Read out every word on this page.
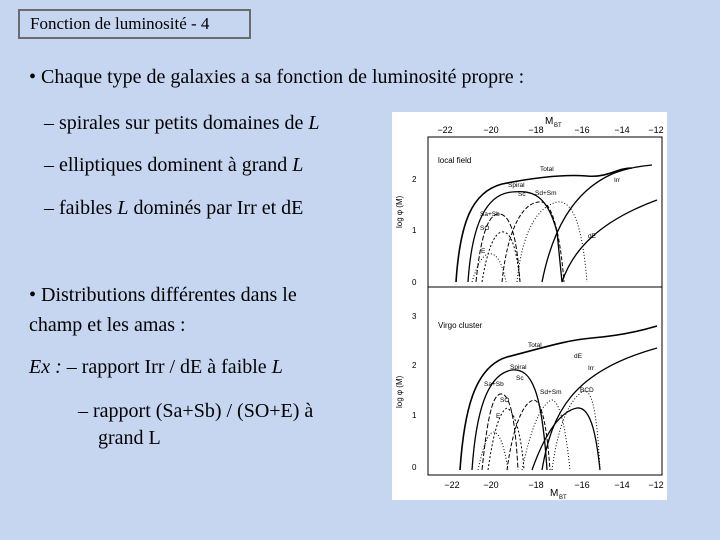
Fonction de luminosité - 4
• Chaque type de galaxies a sa fonction de luminosité propre :
– spirales sur petits domaines de L
– elliptiques dominent à grand L
– faibles L dominés par Irr et dE
• Distributions différentes dans le
champ et les amas :
Ex : – rapport Irr / dE à faible L
– rapport (Sa+Sb) / (SO+E) à
grand L
M BT
−22	−20	−18	−16	−14 −12
log φ (M)
2
1
0
local field
Total
Spiral
Sc Sd+Sm
Irr
Sa+Sb
SO
E
dE
log φ (M)
3
2
1
0
Virgo cluster
Total
dE
Spiral	Irr
Sa+Sb
Sc
Sd+Sm
SO
BCD
E
−22	−20	−18	−16	−14 −12
M BT
